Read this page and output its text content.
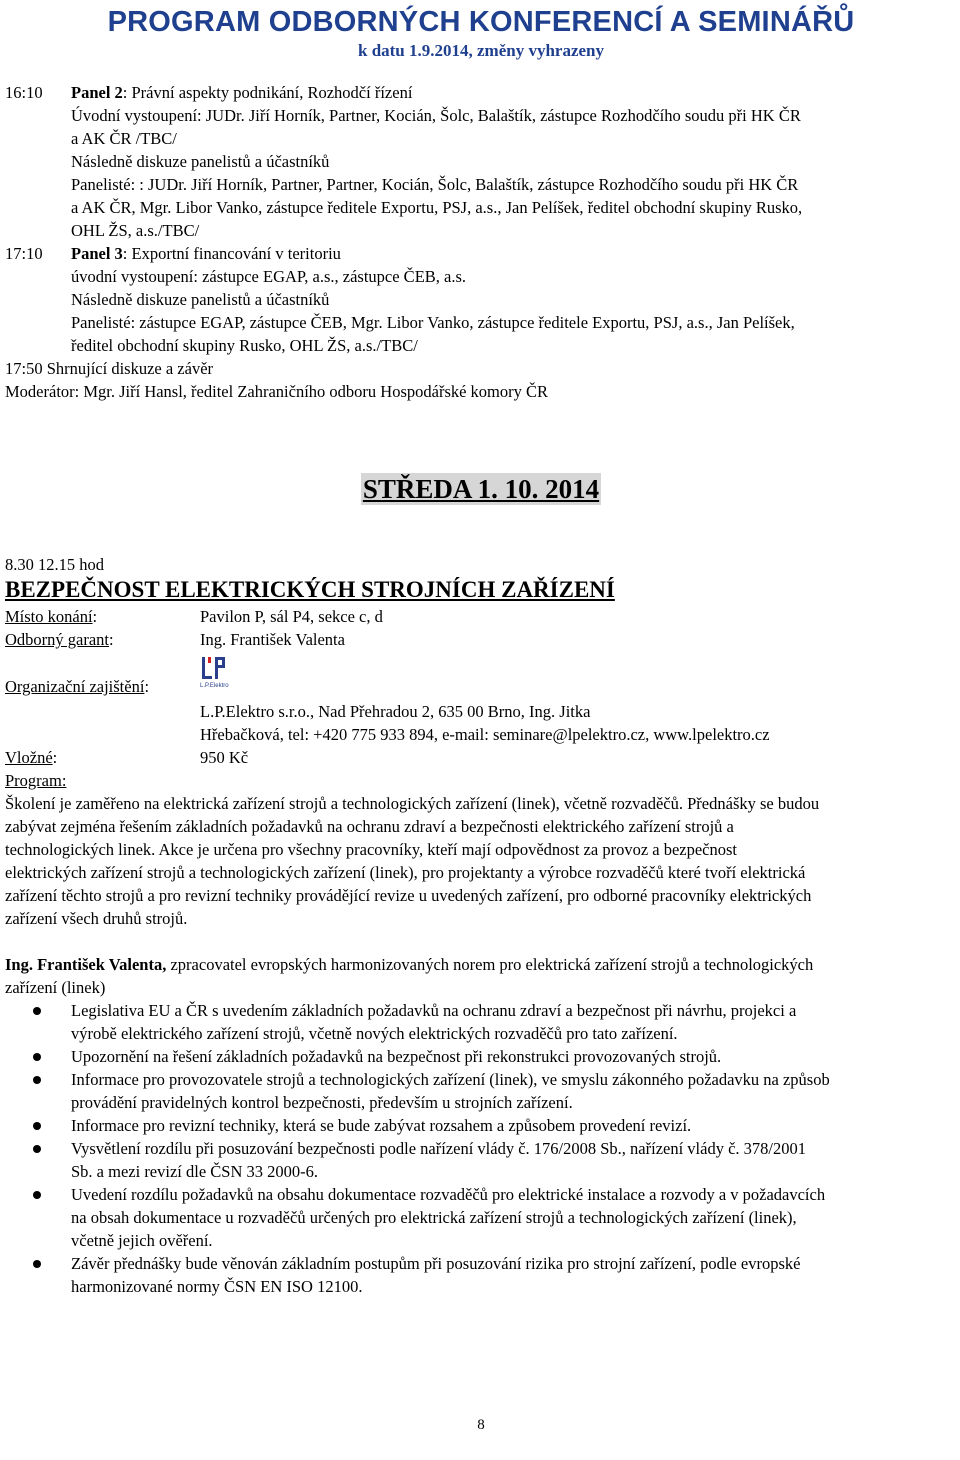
PROGRAM ODBORNÝCH KONFERENCÍ A SEMINÁŘŮ
k datu 1.9.2014, změny vyhrazeny
16:10	Panel 2: Právní aspekty podnikání, Rozhodčí řízení
Úvodní vystoupení: JUDr. Jiří Horník, Partner, Kocián, Šolc, Balaštík, zástupce Rozhodčího soudu při HK ČR
a AK ČR /TBC/
Následně diskuze panelistů a účastníků
Panelisté: : JUDr. Jiří Horník, Partner, Partner, Kocián, Šolc, Balaštík, zástupce Rozhodčího soudu při HK ČR
a AK ČR, Mgr. Libor Vanko, zástupce ředitele Exportu, PSJ, a.s., Jan Pelíšek, ředitel obchodní skupiny Rusko,
OHL ŽS, a.s./TBC/
17:10	Panel 3: Exportní financování v teritoriu
úvodní vystoupení: zástupce EGAP, a.s., zástupce ČEB, a.s.
Následně diskuze panelistů a účastníků
Panelisté: zástupce EGAP, zástupce ČEB, Mgr. Libor Vanko, zástupce ředitele Exportu, PSJ, a.s., Jan Pelíšek,
ředitel obchodní skupiny Rusko, OHL ŽS, a.s./TBC/
17:50 Shrnující diskuze a závěr
Moderátor: Mgr. Jiří Hansl, ředitel Zahraničního odboru Hospodářské komory ČR
STŘEDA 1. 10. 2014
8.30 12.15 hod
BEZPEČNOST ELEKTRICKÝCH STROJNÍCH ZAŘÍZENÍ
Místo konání:	Pavilon P, sál P4, sekce c, d
Odborný garant:	Ing. František Valenta
Organizační zajištění:	L.P.Elektro
L.P.Elektro s.r.o., Nad Přehradou 2, 635 00 Brno, Ing. Jitka
Hřebačková, tel: +420 775 933 894, e-mail: seminare@lpelektro.cz, www.lpelektro.cz
Vložné:	950 Kč
Program:
Školení je zaměřeno na elektrická zařízení strojů a technologických zařízení (linek), včetně rozvaděčů. Přednášky se budou
zabývat zejména řešením základních požadavků na ochranu zdraví a bezpečnosti elektrického zařízení strojů a
technologických linek. Akce je určena pro všechny pracovníky, kteří mají odpovědnost za provoz a bezpečnost
elektrických zařízení strojů a technologických zařízení (linek), pro projektanty a výrobce rozvaděčů které tvoří elektrická
zařízení těchto strojů a pro revizní techniky provádějící revize u uvedených zařízení, pro odborné pracovníky elektrických
zařízení všech druhů strojů.
Ing. František Valenta, zpracovatel evropských harmonizovaných norem pro elektrická zařízení strojů a technologických
zařízení (linek)
Legislativa EU a ČR s uvedením základních požadavků na ochranu zdraví a bezpečnost při návrhu, projekci a
výrobě elektrického zařízení strojů, včetně nových elektrických rozvaděčů pro tato zařízení.
Upozornění na řešení základních požadavků na bezpečnost při rekonstrukci provozovaných strojů.
Informace pro provozovatele strojů a technologických zařízení (linek), ve smyslu zákonného požadavku na způsob
provádění pravidelných kontrol bezpečnosti, především u strojních zařízení.
Informace pro revizní techniky, která se bude zabývat rozsahem a způsobem provedení revizí.
Vysvětlení rozdílu při posuzování bezpečnosti podle nařízení vlády č. 176/2008 Sb., nařízení vlády č. 378/2001
Sb. a mezi revizí dle ČSN 33 2000-6.
Uvedení rozdílu požadavků na obsahu dokumentace rozvaděčů pro elektrické instalace a rozvody a v požadavcích
na obsah dokumentace u rozvaděčů určených pro elektrická zařízení strojů a technologických zařízení (linek),
včetně jejich ověření.
Závěr přednášky bude věnován základním postupům při posuzování rizika pro strojní zařízení, podle evropské
harmonizované normy ČSN EN ISO 12100.
8
